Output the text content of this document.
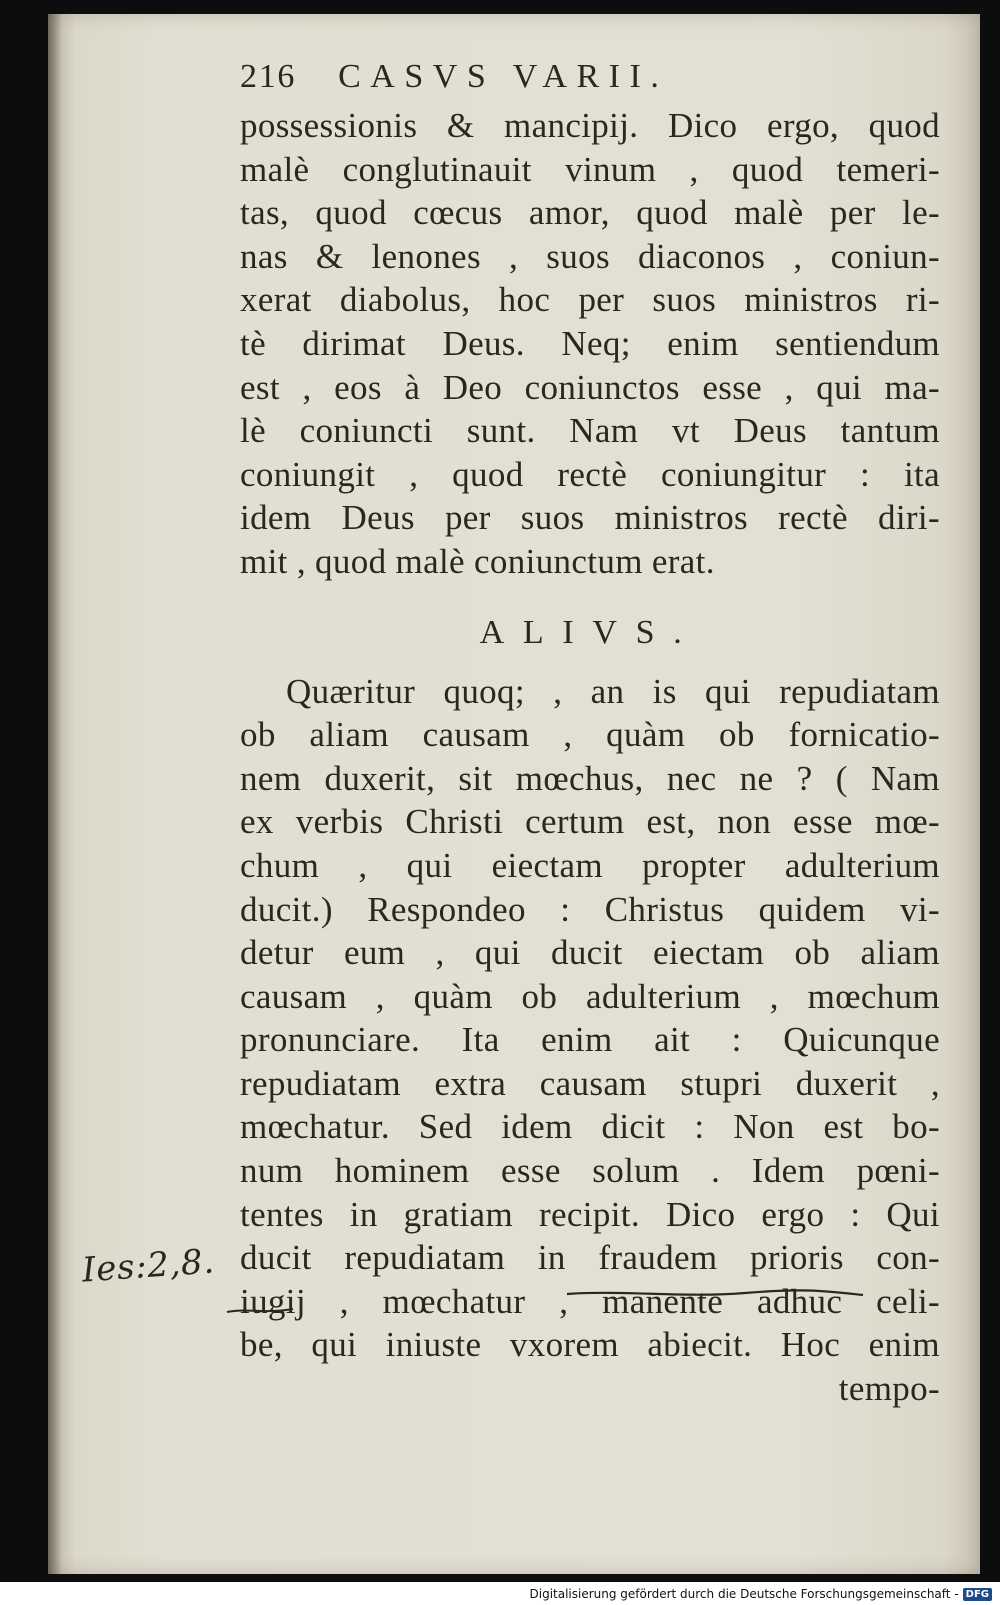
216 CASVS VARII.
possessionis & mancipij. Dico ergo, quod
malè conglutinauit vinum , quod temeri-
tas, quod cœcus amor, quod malè per le-
nas & lenones , suos diaconos , coniun-
xerat diabolus, hoc per suos ministros ri-
tè dirimat Deus. Neq; enim sentiendum
est , eos à Deo coniunctos esse , qui ma-
lè coniuncti sunt. Nam vt Deus tantum
coniungit , quod rectè coniungitur : ita
idem Deus per suos ministros rectè diri-
mit , quod malè coniunctum erat.
ALIVS.
Quæritur quoq; , an is qui repudiatam
ob aliam causam , quàm ob fornicatio-
nem duxerit, sit mœchus, nec ne ? ( Nam
ex verbis Christi certum est, non esse mœ-
chum , qui eiectam propter adulterium
ducit.) Respondeo : Christus quidem vi-
detur eum , qui ducit eiectam ob aliam
causam , quàm ob adulterium , mœchum
pronunciare. Ita enim ait : Quicunque
repudiatam extra causam stupri duxerit ,
mœchatur. Sed idem dicit : Non est bo-
num hominem esse solum . Idem pœni-
tentes in gratiam recipit. Dico ergo : Qui
ducit repudiatam in fraudem prioris con-
iugij , mœchatur , manente adhuc celi-
be, qui iniuste vxorem abiecit. Hoc enim
tempo-
Ies:2,8.
Digitalisierung gefördert durch die Deutsche Forschungsgemeinschaft - DFG
